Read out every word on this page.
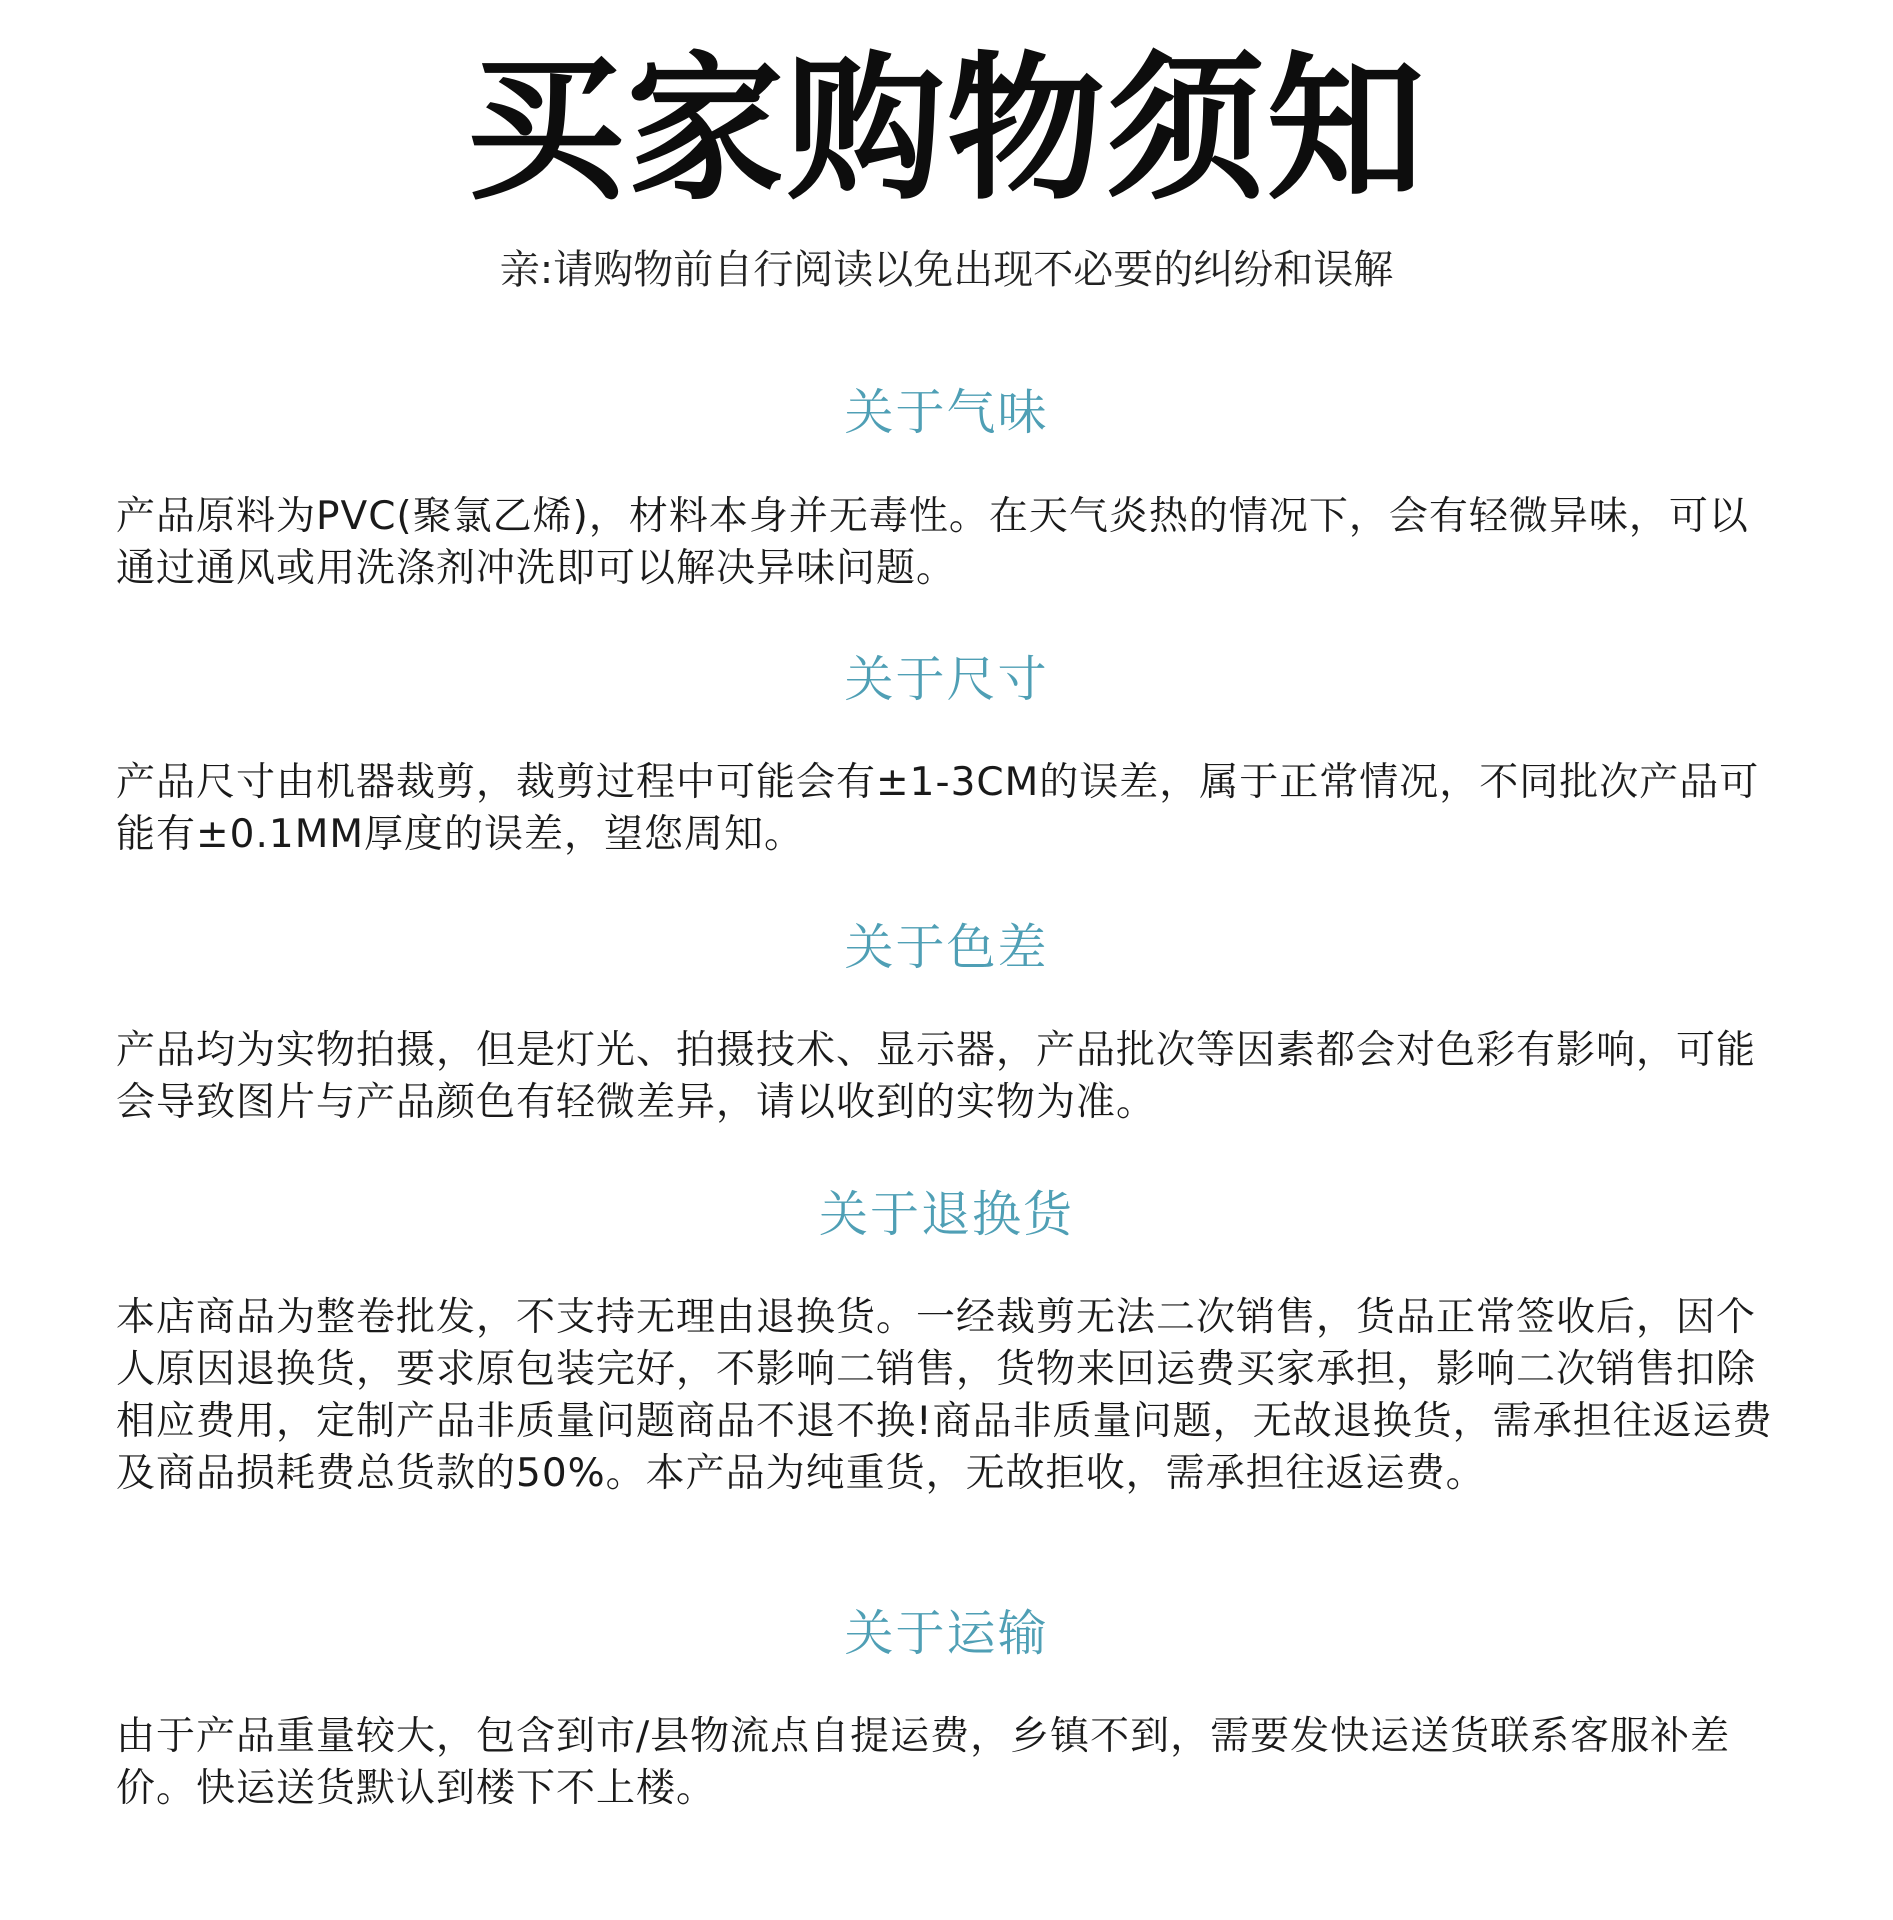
买家购物须知
亲:请购物前自行阅读以免出现不必要的纠纷和误解
关于气味
产品原料为PVC(聚氯乙烯)，材料本身并无毒性。在天气炎热的情况下，会有轻微异味，可以通过通风或用洗涤剂冲洗即可以解决异味问题。
关于尺寸
产品尺寸由机器裁剪，裁剪过程中可能会有±1-3CM的误差，属于正常情况，不同批次产品可能有±0.1MM厚度的误差，望您周知。
关于色差
产品均为实物拍摄，但是灯光、拍摄技术、显示器，产品批次等因素都会对色彩有影响，可能会导致图片与产品颜色有轻微差异，请以收到的实物为准。
关于退换货
本店商品为整卷批发，不支持无理由退换货。一经裁剪无法二次销售，货品正常签收后，因个人原因退换货，要求原包装完好，不影响二销售，货物来回运费买家承担，影响二次销售扣除相应费用，定制产品非质量问题商品不退不换!商品非质量问题，无故退换货，需承担往返运费及商品损耗费总货款的50%。本产品为纯重货，无故拒收，需承担往返运费。
关于运输
由于产品重量较大，包含到市/县物流点自提运费，乡镇不到，需要发快运送货联系客服补差价。快运送货默认到楼下不上楼。
